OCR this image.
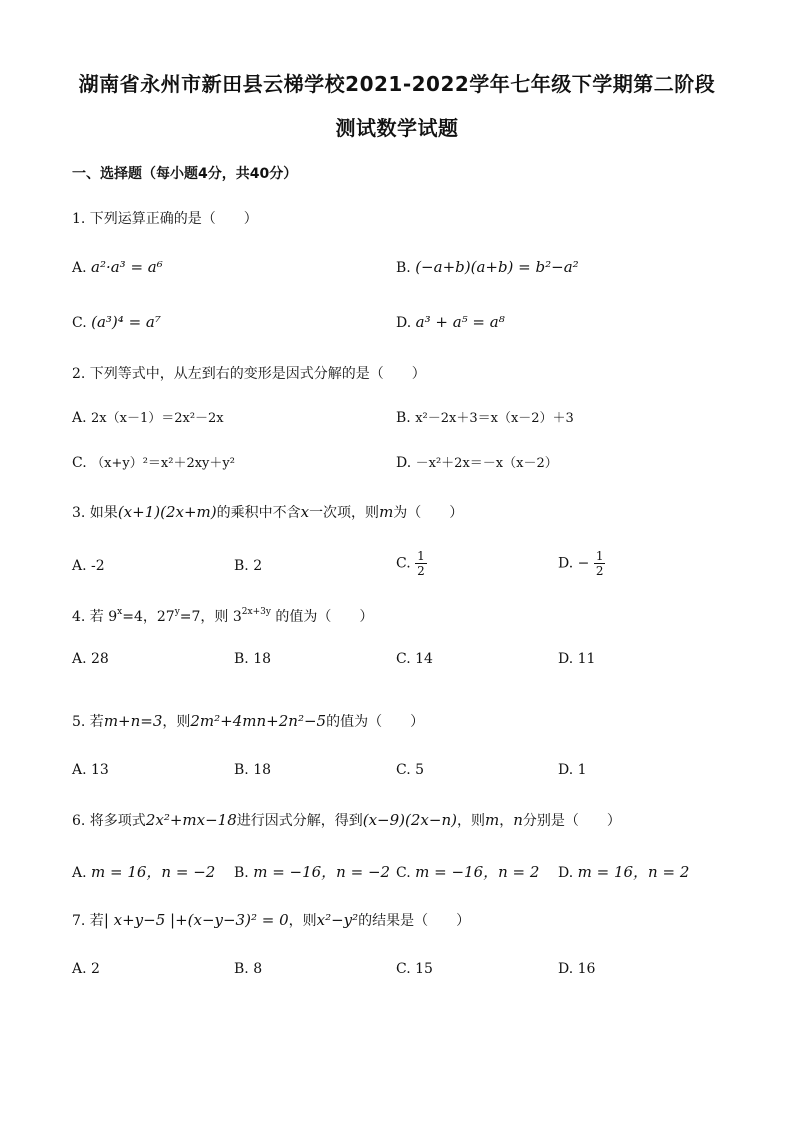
湖南省永州市新田县云梯学校2021-2022学年七年级下学期第二阶段
测试数学试题
一、选择题（每小题4分，共40分）
1. 下列运算正确的是（　　）
A. a²·a³ = a⁶	B. (−a+b)(a+b) = b²−a²
C. (a³)⁴ = a⁷	D. a³ + a⁵ = a⁸
2. 下列等式中，从左到右的变形是因式分解的是（　　）
A. 2x（x－1）＝2x²－2x	B. x²－2x＋3＝x（x－2）＋3
C. （x+y）²＝x²＋2xy＋y²	D. －x²＋2x＝－x（x－2）
3. 如果(x+1)(2x+m)的乘积中不含x一次项，则m为（　　）
A. -2	B. 2	C. $\frac{1}{2}$	D. − $\frac{1}{2}$
4. 若 $9^x=4$，$27^y=7$，则 $3^{2x+3y}$ 的值为（　　）
A. 28	B. 18	C. 14	D. 11
5. 若m+n=3，则2m²+4mn+2n²−5的值为（　　）
A. 13	B. 18	C. 5	D. 1
6. 将多项式2x²+mx−18进行因式分解，得到(x−9)(2x−n)，则m，n分别是（　　）
A. m = 16，n = −2 B. m = −16，n = −2 C. m = −16，n = 2 D. m = 16，n = 2
7. 若| x+y−5 |+(x−y−3)² = 0，则x²−y²的结果是（　　）
A. 2	B. 8	C. 15	D. 16
